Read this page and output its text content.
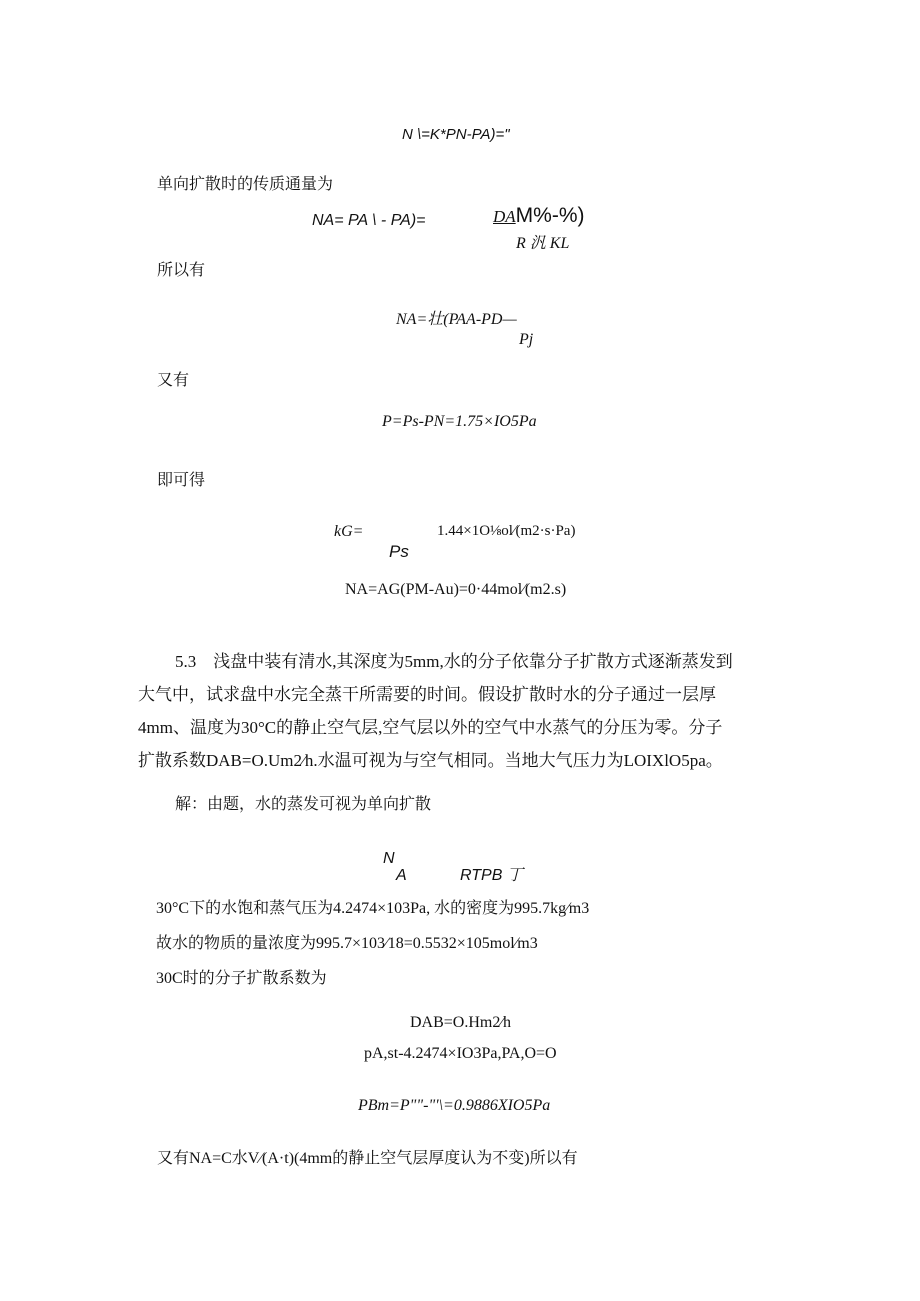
N \=K*PN-PA)="
单向扩散时的传质通量为
NA= PA \ - PA)=	DAM%-%)
R 汎 KL
所以有
NA=壮(PAA-PD—
Pj
又有
P=Ps-PN=1.75×IO5Pa
即可得
kG=	1.44×1O⅛ol∕(m2·s·Pa)
Ps
NA=AG(PM-Au)=0·44mol∕(m2.s)
5.3　浅盘中装有清水,其深度为5mm,水的分子依靠分子扩散方式逐渐蒸发到
大气中，试求盘中水完全蒸干所需要的时间。假设扩散时水的分子通过一层厚
4mm、温度为30°C的静止空气层,空气层以外的空气中水蒸气的分压为零。分子
扩散系数DAB=O.Um2∕h.水温可视为与空气相同。当地大气压力为LOIXlO5pa。
解：由题，水的蒸发可视为单向扩散
N
A	RTPB 丁
30°C下的水饱和蒸气压为4.2474×103Pa, 水的密度为995.7kg∕m3
故水的物质的量浓度为995.7×103∕18=0.5532×105mol∕m3
30C时的分子扩散系数为
DAB=O.Hm2∕h
pA,st-4.2474×IO3Pa,PA,O=O
PBm=P""-"'\=0.9886XIO5Pa
又有NA=C水V∕(A·t)(4mm的静止空气层厚度认为不变)所以有
